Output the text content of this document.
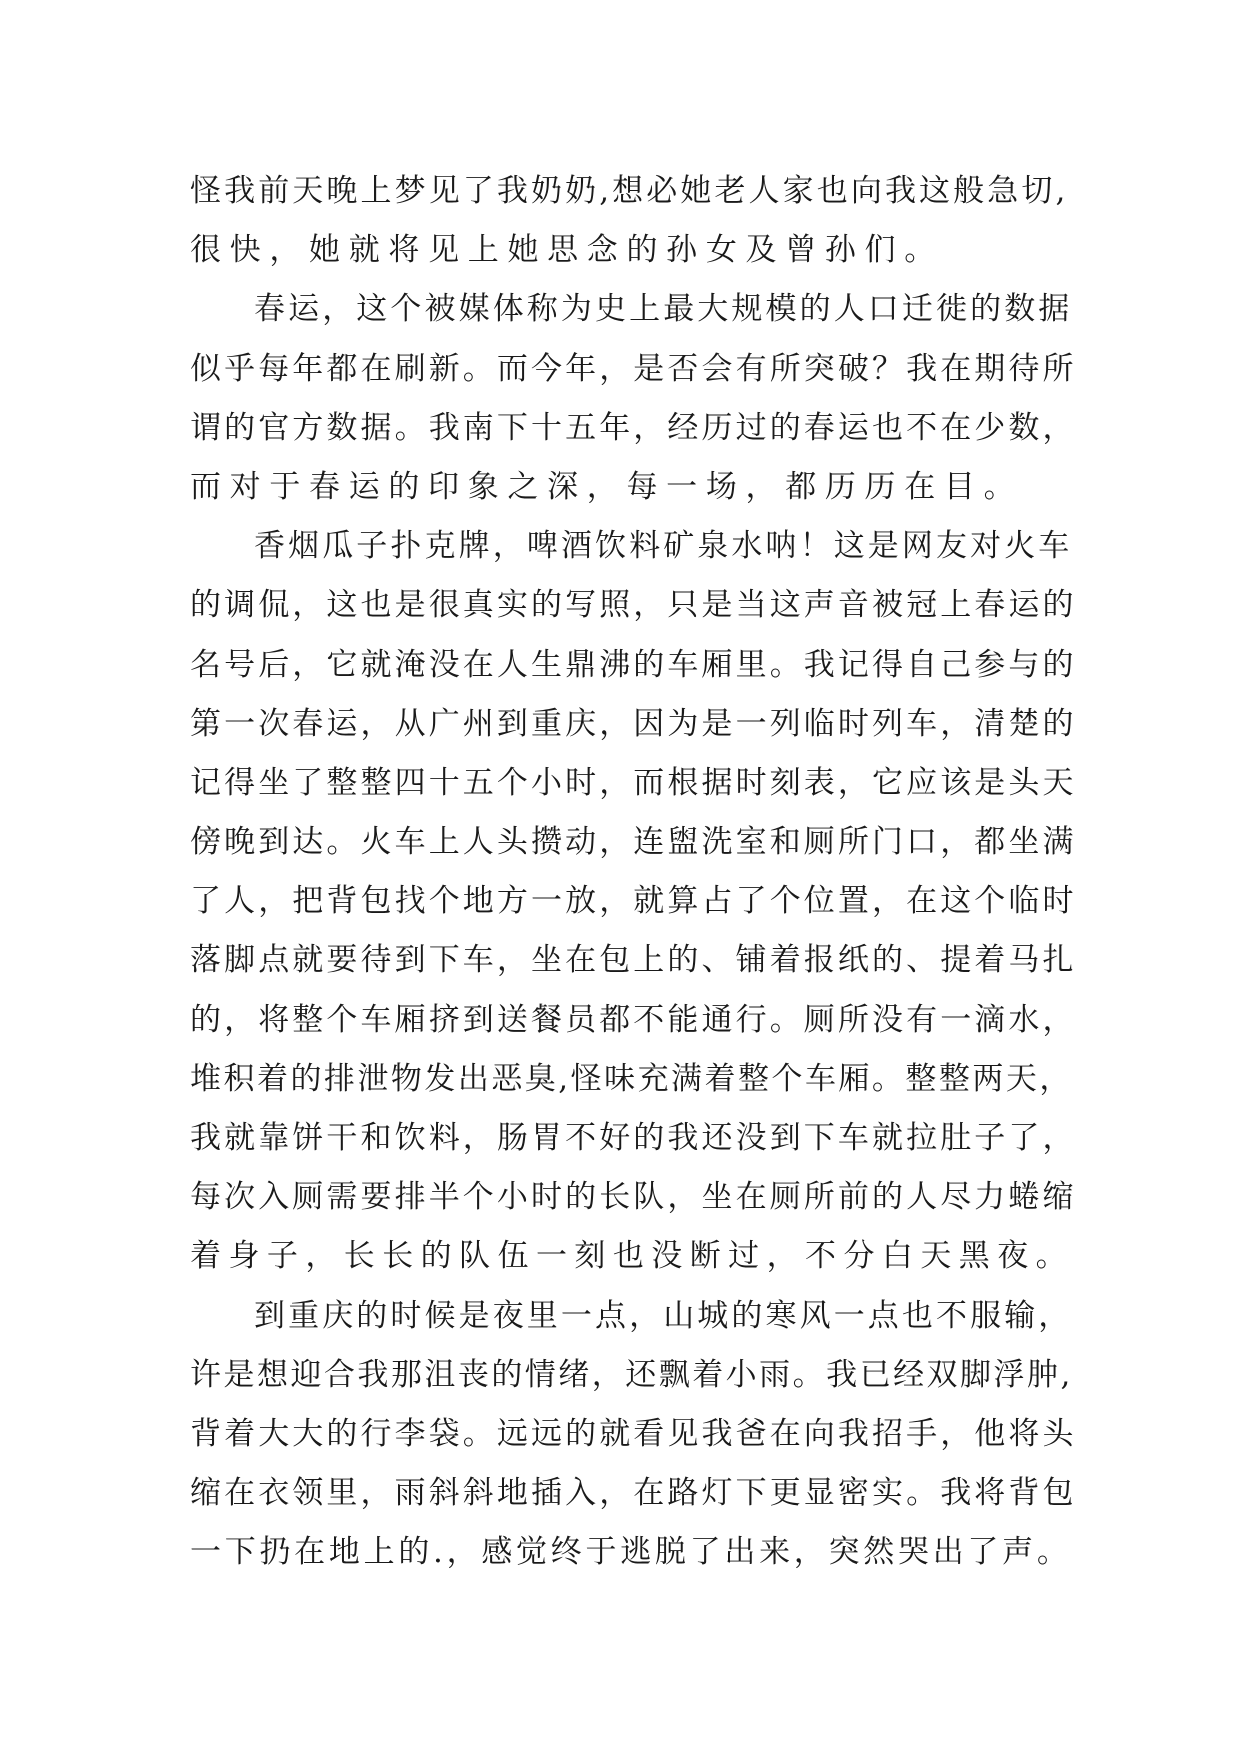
怪我前天晚上梦见了我奶奶,想必她老人家也向我这般急切,
很快，她就将见上她思念的孙女及曾孙们。
春运，这个被媒体称为史上最大规模的人口迁徙的数据
似乎每年都在刷新。而今年，是否会有所突破？我在期待所
谓的官方数据。我南下十五年，经历过的春运也不在少数，
而对于春运的印象之深，每一场，都历历在目。
香烟瓜子扑克牌，啤酒饮料矿泉水呐！这是网友对火车
的调侃，这也是很真实的写照，只是当这声音被冠上春运的
名号后，它就淹没在人生鼎沸的车厢里。我记得自己参与的
第一次春运，从广州到重庆，因为是一列临时列车，清楚的
记得坐了整整四十五个小时，而根据时刻表，它应该是头天
傍晚到达。火车上人头攒动，连盥洗室和厕所门口，都坐满
了人，把背包找个地方一放，就算占了个位置，在这个临时
落脚点就要待到下车，坐在包上的、铺着报纸的、提着马扎
的，将整个车厢挤到送餐员都不能通行。厕所没有一滴水，
堆积着的排泄物发出恶臭,怪味充满着整个车厢。整整两天，
我就靠饼干和饮料，肠胃不好的我还没到下车就拉肚子了，
每次入厕需要排半个小时的长队，坐在厕所前的人尽力蜷缩
着身子，长长的队伍一刻也没断过，不分白天黑夜。
到重庆的时候是夜里一点，山城的寒风一点也不服输，
许是想迎合我那沮丧的情绪，还飘着小雨。我已经双脚浮肿,
背着大大的行李袋。远远的就看见我爸在向我招手，他将头
缩在衣领里，雨斜斜地插入，在路灯下更显密实。我将背包
一下扔在地上的.，感觉终于逃脱了出来，突然哭出了声。
